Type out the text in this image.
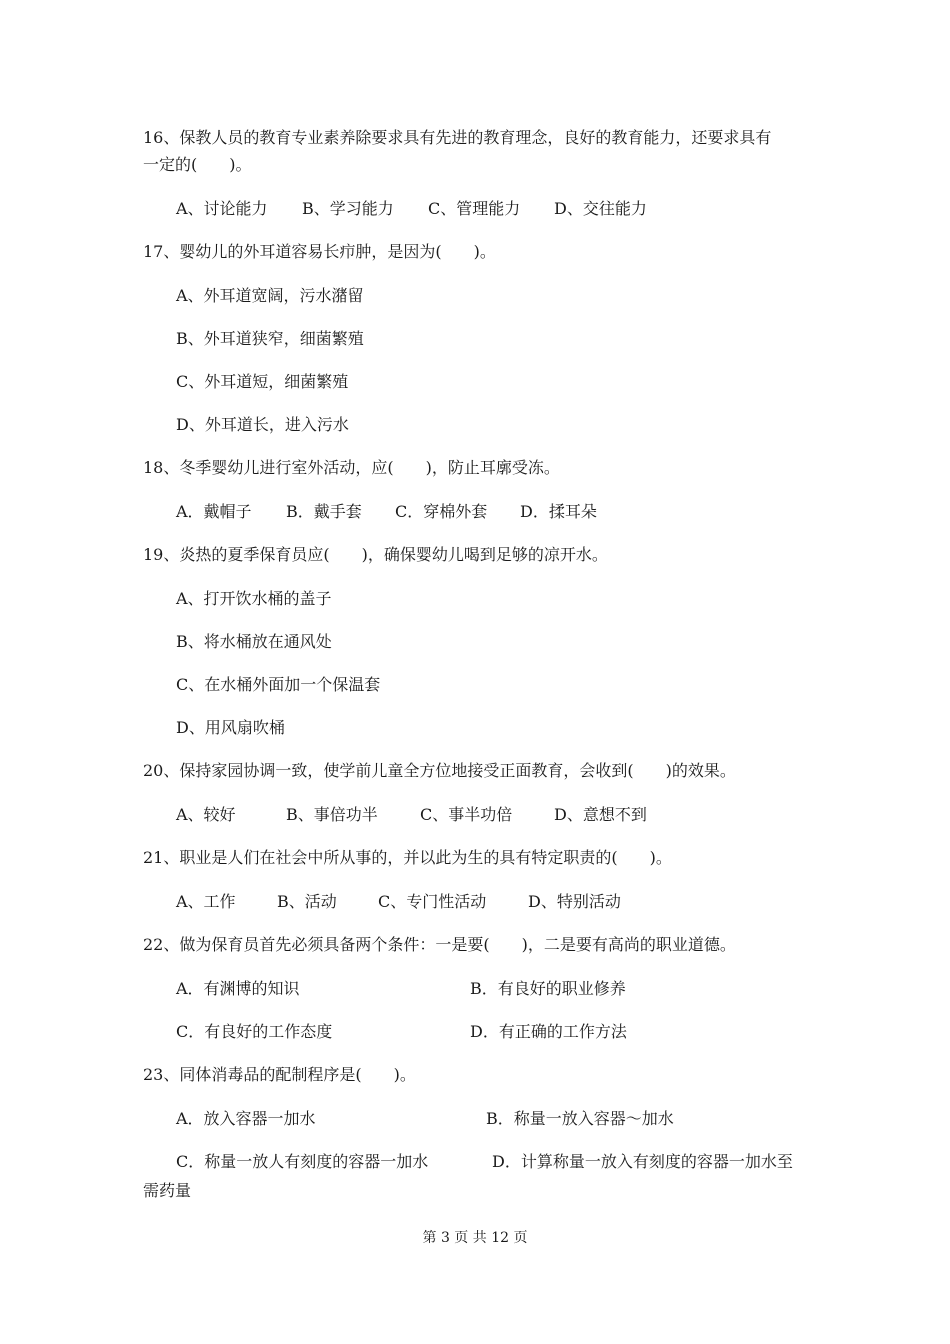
16、保教人员的教育专业素养除要求具有先进的教育理念，良好的教育能力，还要求具有
一定的(　　)。

A、讨论能力

B、学习能力

C、管理能力

D、交往能力

17、婴幼儿的外耳道容易长疖肿，是因为(　　)。
A、外耳道宽阔，污水潴留
B、外耳道狭窄，细菌繁殖
C、外耳道短，细菌繁殖
D、外耳道长，进入污水
18、冬季婴幼儿进行室外活动，应(　　)，防止耳廓受冻。

A．戴帽子

B．戴手套

C．穿棉外套

D．揉耳朵

19、炎热的夏季保育员应(　　)，确保婴幼儿喝到足够的凉开水。
A、打开饮水桶的盖子
B、将水桶放在通风处
C、在水桶外面加一个保温套
D、用风扇吹桶
20、保持家园协调一致，使学前儿童全方位地接受正面教育，会收到(　　)的效果。

A、较好

	B、事倍功半

	C、事半功倍

	D、意想不到

21、职业是人们在社会中所从事的，并以此为生的具有特定职责的(　　)。

A、工作

	B、活动

	C、专门性活动

	D、特别活动

22、做为保育员首先必须具备两个条件：一是要(　　)，二是要有高尚的职业道德。

A．有渊博的知识

	B．有良好的职业修养

C．有良好的工作态度

	D．有正确的工作方法

23、同体消毒品的配制程序是(　　)。

A．放入容器一加水

	B．称量一放入容器～加水

C．称量一放人有刻度的容器一加水

	D．计算称量一放入有刻度的容器一加水至

需药量
第 3 页 共 12 页
